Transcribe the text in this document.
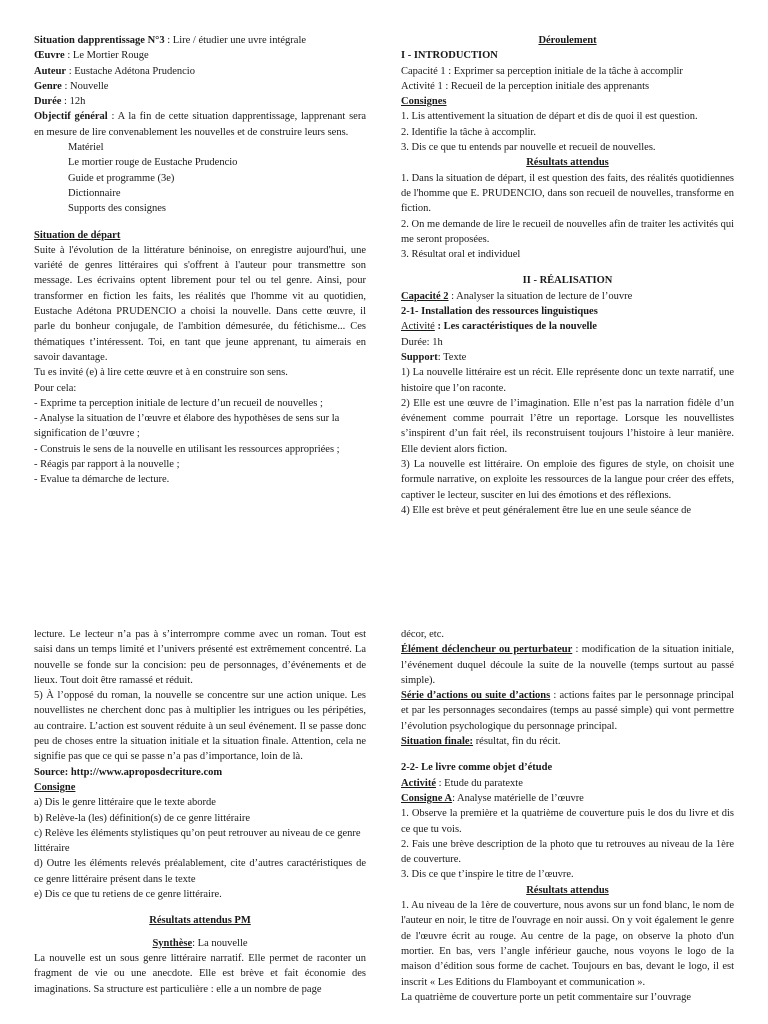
Situation dapprentissage N°3 : Lire / étudier une uvre intégrale

Œuvre : Le Mortier Rouge

Auteur : Eustache Adétona Prudencio

Genre : Nouvelle

Durée : 12h

Objectif général : A la fin de cette situation dapprentissage, lapprenant sera en mesure de lire convenablement les nouvelles et de construire leurs sens.

Matériel

Le mortier rouge de Eustache Prudencio

Guide et programme (3e)

Dictionnaire

Supports des consignes

Situation de départ

Suite à l'évolution de la littérature béninoise, on enregistre aujourd'hui, une variété de genres littéraires qui s'offrent à l'auteur pour transmettre son message. Les écrivains optent librement pour tel ou tel genre. Ainsi, pour transformer en fiction les faits, les réalités que l'homme vit au quotidien, Eustache Adétona PRUDENCIO a choisi la nouvelle. Dans cette œuvre, il parle du bonheur conjugale, de l'ambition démesurée, du fétichisme... Ces thématiques t’intéressent. Toi, en tant que jeune apprenant, tu aimerais en savoir davantage.

Tu es invité (e) à lire cette œuvre et à en construire son sens.

Pour cela:

- Exprime ta perception initiale de lecture d’un recueil de nouvelles ;

- Analyse la situation de l’œuvre et élabore des hypothèses de sens sur la signification de l’œuvre ;

- Construis le sens de la nouvelle en utilisant les ressources appropriées ;

- Réagis par rapport à la nouvelle ;

- Evalue ta démarche de lecture.

Déroulement

I - INTRODUCTION

Capacité 1 : Exprimer sa perception initiale de la tâche à accomplir

Activité 1 : Recueil de la perception initiale des apprenants

Consignes

1. Lis attentivement la situation de départ et dis de quoi il est question.

2. Identifie la tâche à accomplir.

3. Dis ce que tu entends par nouvelle et recueil de nouvelles.

Résultats attendus

1. Dans la situation de départ, il est question des faits, des réalités quotidiennes de l'homme que E. PRUDENCIO, dans son recueil de nouvelles, transforme en fiction.

2. On me demande de lire le recueil de nouvelles afin de traiter les activités qui me seront proposées.

3. Résultat oral et individuel

II - RÉALISATION

Capacité 2 : Analyser la situation de lecture de l’ouvre

2-1- Installation des ressources linguistiques

Activité : Les caractéristiques de la nouvelle

Durée: 1h

Support: Texte

1) La nouvelle littéraire est un récit. Elle représente donc un texte narratif, une histoire que l’on raconte.

2) Elle est une œuvre de l’imagination. Elle n’est pas la narration fidèle d’un événement comme pourrait l’être un reportage. Lorsque les nouvellistes s’inspirent d’un fait réel, ils reconstruisent toujours l’histoire à leur manière. Elle devient alors fiction.

3) La nouvelle est littéraire. On emploie des figures de style, on choisit une formule narrative, on exploite les ressources de la langue pour créer des effets, captiver le lecteur, susciter en lui des émotions et des réflexions.

4) Elle est brève et peut généralement être lue en une seule séance de

lecture. Le lecteur n’a pas à s’interrompre comme avec un roman. Tout est saisi dans un temps limité et l’univers présenté est extrêmement concentré. La nouvelle se fonde sur la concision: peu de personnages, d’événements et de lieux. Tout doit être ramassé et réduit.

5) À l’opposé du roman, la nouvelle se concentre sur une action unique. Les nouvellistes ne cherchent donc pas à multiplier les intrigues ou les péripéties, au contraire. L’action est souvent réduite à un seul événement. Il se passe donc peu de choses entre la situation initiale et la situation finale. Attention, cela ne signifie pas que ce qui se passe n’a pas d’importance, loin de là.

Source: http://www.aproposdecriture.com

Consigne

a) Dis le genre littéraire que le texte aborde

b) Relève-la (les) définition(s) de ce genre littéraire

c) Relève les éléments stylistiques qu’on peut retrouver au niveau de ce genre littéraire

d) Outre les éléments relevés préalablement, cite d’autres caractéristiques de ce genre littéraire présent dans le texte

e) Dis ce que tu retiens de ce genre littéraire.

Résultats attendus PM

Synthèse: La nouvelle

La nouvelle est un sous genre littéraire narratif. Elle permet de raconter un fragment de vie ou une anecdote. Elle est brève et fait économie des imaginations. Sa structure est particulière : elle a un nombre de page

décor, etc.

Élément déclencheur ou perturbateur : modification de la situation initiale, l’événement duquel découle la suite de la nouvelle (temps surtout au passé simple).

Série d’actions ou suite d’actions : actions faites par le personnage principal et par les personnages secondaires (temps au passé simple) qui vont permettre l’évolution psychologique du personnage principal.

Situation finale: résultat, fin du récit.

2-2- Le livre comme objet d’étude

Activité : Etude du paratexte

Consigne A: Analyse matérielle de l’œuvre

1. Observe la première et la quatrième de couverture puis le dos du livre et dis ce que tu vois.

2. Fais une brève description de la photo que tu retrouves au niveau de la 1ère de couverture.

3. Dis ce que t’inspire le titre de l’œuvre.

Résultats attendus

1. Au niveau de la 1ère de couverture, nous avons sur un fond blanc, le nom de l'auteur en noir, le titre de l'ouvrage en noir aussi. On y voit également le genre de l'œuvre écrit au rouge. Au centre de la page, on observe la photo d'un mortier. En bas, vers l’angle inférieur gauche, nous voyons le logo de la maison d’édition sous forme de cachet. Toujours en bas, devant le logo, il est inscrit « Les Editions du Flamboyant et communication ».

La quatrième de couverture porte un petit commentaire sur l’ouvrage
